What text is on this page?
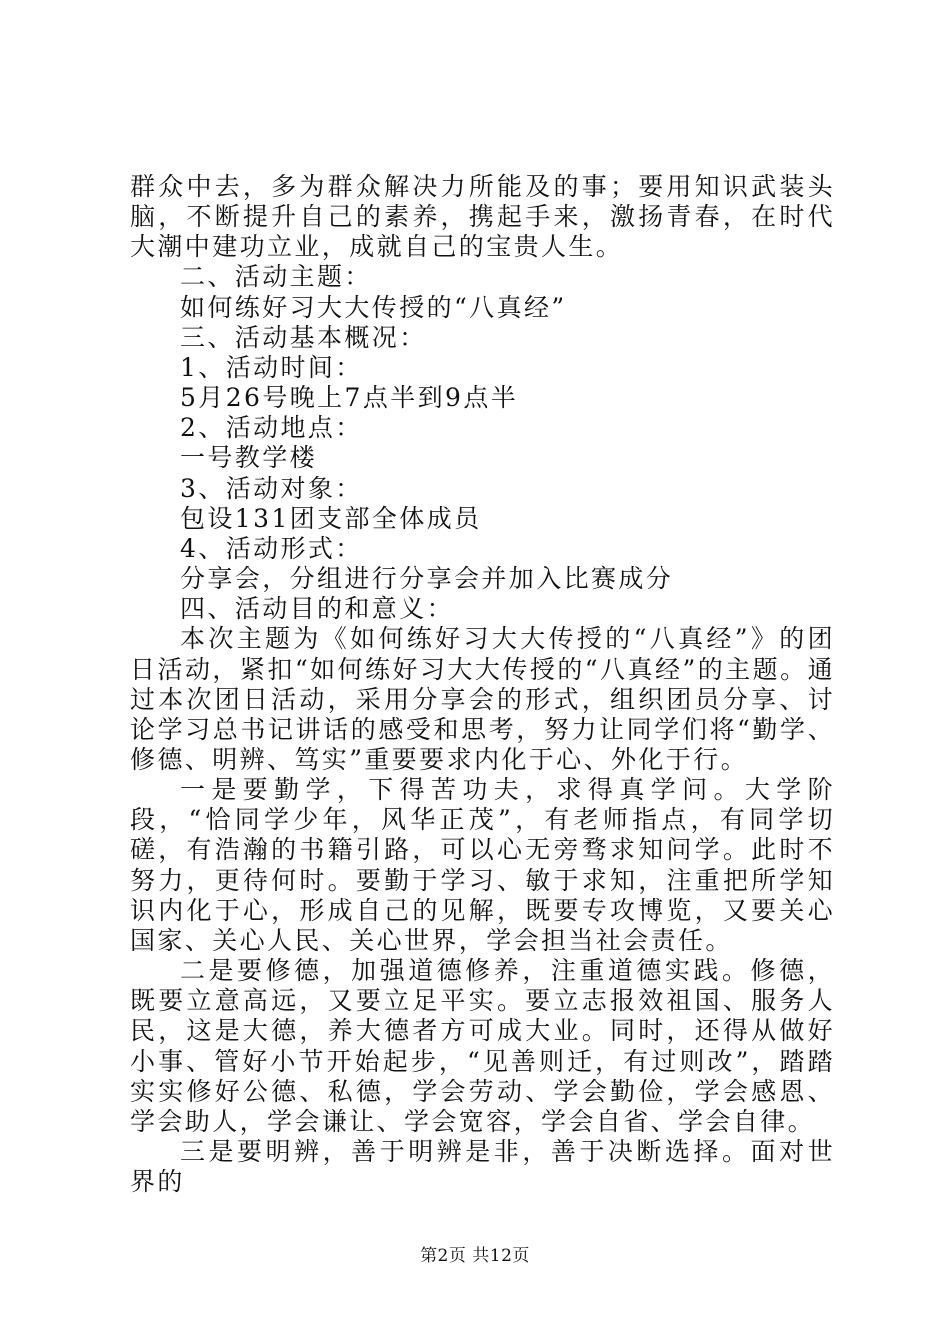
群众中去，多为群众解决力所能及的事；要用知识武装头脑，不断提升自己的素养，携起手来，激扬青春，在时代大潮中建功立业，成就自己的宝贵人生。

二、活动主题：

如何练好习大大传授的“八真经”

三、活动基本概况：

1、活动时间：

5月26号晚上7点半到9点半

2、活动地点：

一号教学楼

3、活动对象：

包设131团支部全体成员

4、活动形式：

分享会，分组进行分享会并加入比赛成分

四、活动目的和意义：

本次主题为《如何练好习大大传授的“八真经”》的团日活动，紧扣“如何练好习大大传授的“八真经”的主题。通过本次团日活动，采用分享会的形式，组织团员分享、讨论学习总书记讲话的感受和思考，努力让同学们将“勤学、修德、明辨、笃实”重要要求内化于心、外化于行。

一是要勤学，下得苦功夫，求得真学问。大学阶段，“恰同学少年，风华正茂”，有老师指点，有同学切磋，有浩瀚的书籍引路，可以心无旁骛求知问学。此时不努力，更待何时。要勤于学习、敏于求知，注重把所学知识内化于心，形成自己的见解，既要专攻博览，又要关心国家、关心人民、关心世界，学会担当社会责任。

二是要修德，加强道德修养，注重道德实践。修德，既要立意高远，又要立足平实。要立志报效祖国、服务人民，这是大德，养大德者方可成大业。同时，还得从做好小事、管好小节开始起步，“见善则迁，有过则改”，踏踏实实修好公德、私德，学会劳动、学会勤俭，学会感恩、学会助人，学会谦让、学会宽容，学会自省、学会自律。

三是要明辨，善于明辨是非，善于决断选择。面对世界的

第2页 共12页
